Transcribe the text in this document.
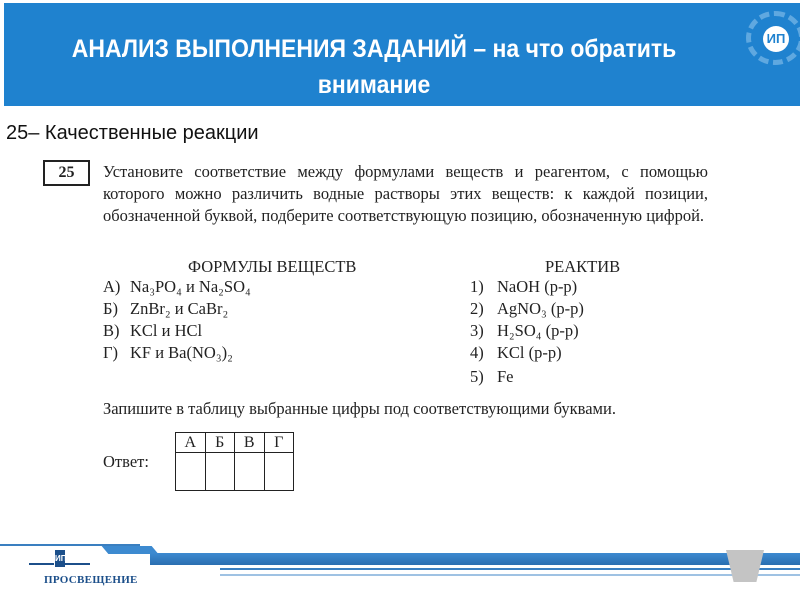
АНАЛИЗ ВЫПОЛНЕНИЯ ЗАДАНИЙ – на что обратить
внимание
ИП
25– Качественные реакции
25	Установите соответствие между формулами веществ и реагентом, с помощью которого можно различить водные растворы этих веществ: к каждой позиции, обозначенной буквой, подберите соответствующую позицию, обозначенную цифрой.
ФОРМУЛЫ ВЕЩЕСТВ	РЕАКТИВ
А) Na₃PO₄ и Na₂SO₄
Б) ZnBr₂ и CaBr₂
В) KCl и HCl
Г) KF и Ba(NO₃)₂
1) NaOH (р-р)
2) AgNO₃ (р-р)
3) H₂SO₄ (р-р)
4) KCl (р-р)
5) Fe
Запишите в таблицу выбранные цифры под соответствующими буквами.
Ответ:
А	Б	В	Г

ИП
ПРОСВЕЩЕНИЕ
